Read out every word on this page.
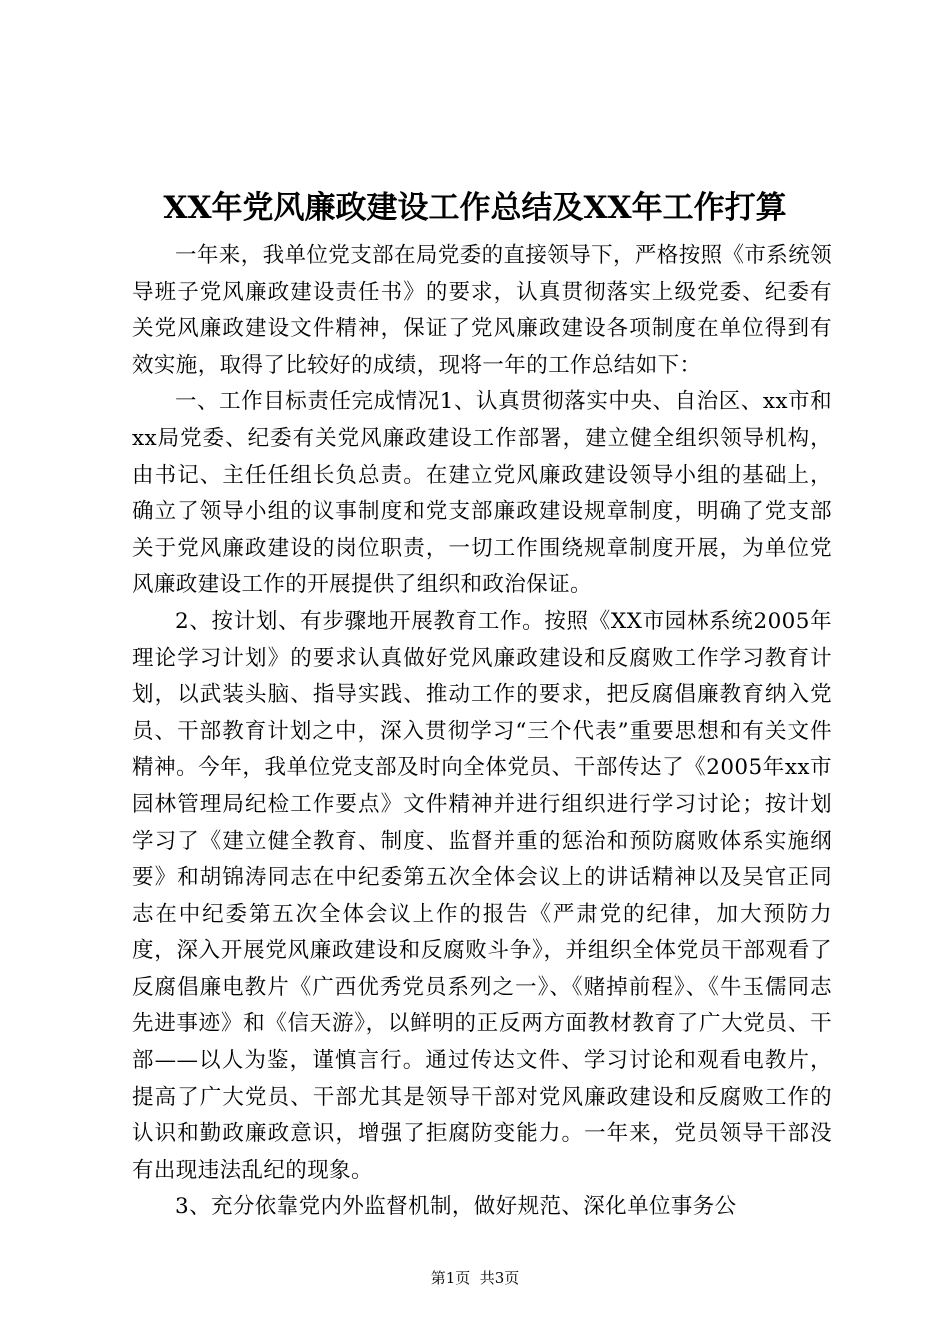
XX年党风廉政建设工作总结及XX年工作打算

一年来，我单位党支部在局党委的直接领导下，严格按照《市系统领导班子党风廉政建设责任书》的要求，认真贯彻落实上级党委、纪委有关党风廉政建设文件精神，保证了党风廉政建设各项制度在单位得到有效实施，取得了比较好的成绩，现将一年的工作总结如下：

一、工作目标责任完成情况1、认真贯彻落实中央、自治区、xx市和xx局党委、纪委有关党风廉政建设工作部署，建立健全组织领导机构，由书记、主任任组长负总责。在建立党风廉政建设领导小组的基础上，确立了领导小组的议事制度和党支部廉政建设规章制度，明确了党支部关于党风廉政建设的岗位职责，一切工作围绕规章制度开展，为单位党风廉政建设工作的开展提供了组织和政治保证。

2、按计划、有步骤地开展教育工作。按照《XX市园林系统2005年理论学习计划》的要求认真做好党风廉政建设和反腐败工作学习教育计划，以武装头脑、指导实践、推动工作的要求，把反腐倡廉教育纳入党员、干部教育计划之中，深入贯彻学习“三个代表”重要思想和有关文件精神。今年，我单位党支部及时向全体党员、干部传达了《2005年xx市园林管理局纪检工作要点》文件精神并进行组织进行学习讨论；按计划学习了《建立健全教育、制度、监督并重的惩治和预防腐败体系实施纲要》和胡锦涛同志在中纪委第五次全体会议上的讲话精神以及吴官正同志在中纪委第五次全体会议上作的报告《严肃党的纪律，加大预防力度，深入开展党风廉政建设和反腐败斗争》，并组织全体党员干部观看了反腐倡廉电教片《广西优秀党员系列之一》、《赌掉前程》、《牛玉儒同志先进事迹》和《信天游》，以鲜明的正反两方面教材教育了广大党员、干部——以人为鉴，谨慎言行。通过传达文件、学习讨论和观看电教片，提高了广大党员、干部尤其是领导干部对党风廉政建设和反腐败工作的认识和勤政廉政意识，增强了拒腐防变能力。一年来，党员领导干部没有出现违法乱纪的现象。

3、充分依靠党内外监督机制，做好规范、深化单位事务公

第1页  共3页
